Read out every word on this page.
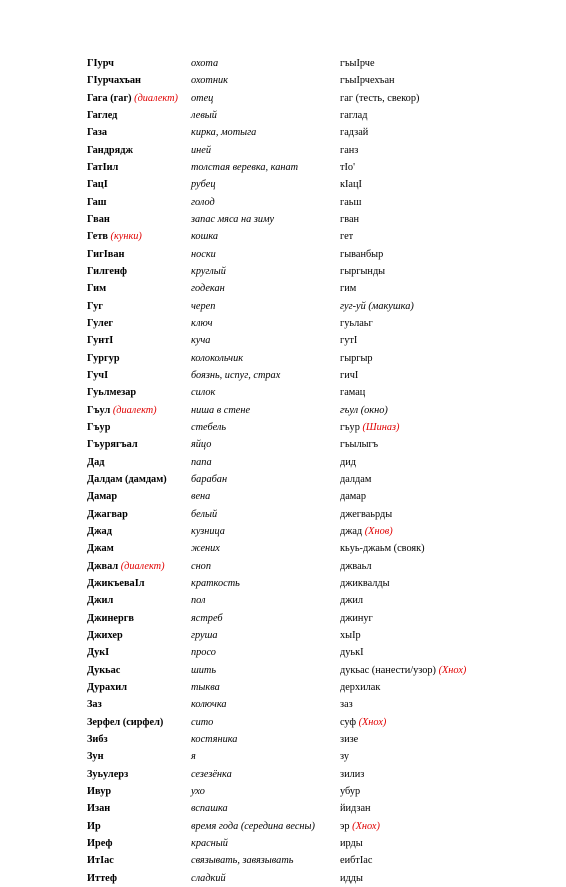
ГIурч	охота	гъыIрче
ГIурчахъан	охотник	гъыIрчехъан
Гага (гаг) (диалект)	отец	гаг (тесть, свекор)
Гаглед	левый	гаглад
Газа	кирка, мотыга	гадзай
Гандрядж	иней	ганз
ГатIил	толстая веревка, канат	тIо'
ГацI	рубец	кIацI
Гаш	голод	гаьш
Гван	запас мяса на зиму	гван
Гетв (кунки)	кошка	гет
ГигIван	носки	гыванбыр
Гилгенф	круглый	гыргынды
Гим	годекан	гим
Гуг	череп	гуг-уй (макушка)
Гулег	ключ	гуьлаьг
ГунтI	куча	гутI
Гургур	колокольчик	гыргыр
ГучI	боязнь, испуг, страх	гичI
Гуьлмезар	силок	гамац
Гъул (диалект)	ниша в стене	гъул (окно)
Гъур	стебель	гъур (Шиназ)
Гъурягъал	яйцо	гъылыгъ
Дад	папа	дид
Далдам (дамдам)	барабан	далдам
Дамар	вена	дамар
Джагвар	белый	джегваьрды
Джад	кузница	джад (Хнов)
Джам	жених	кьуь-джаьм (свояк)
Джвал (диалект)	сноп	джваьл
ДжикъеваIл	краткость	джиквалды
Джил	пол	джил
Джинергв	ястреб	джинуг
Джихер	груша	хыIр
ДукI	просо	дуькI
Дукьас	шить	дукьас (нанести/узор) (Хнох)
Дурахил	тыква	дерхилак
Заз	колючка	заз
Зерфел (сирфел)	сито	суф (Хнох)
Зибз	костяника	зизе
Зун	я	зу
Зуьулерз	сезезёнка	зилиз
Ивур	ухо	убур
Изан	вспашка	йидзан
Ир	время года (середина весны)	эр (Хнох)
Иреф	красный	ирды
ИтIас	связывать, завязывать	еибтIас
Иттеф	сладкий	идды
